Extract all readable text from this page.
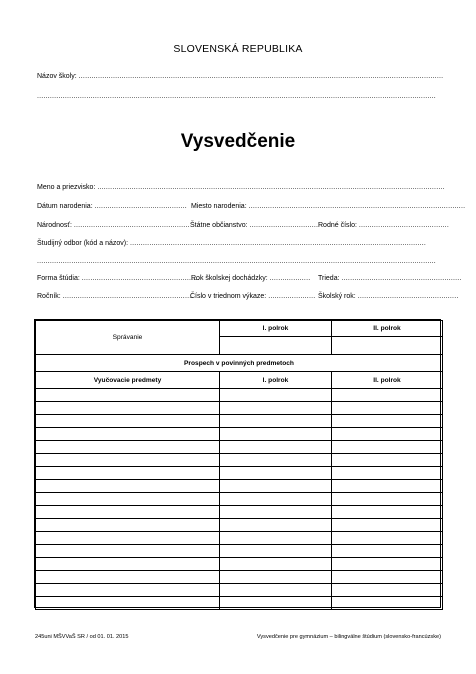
SLOVENSKÁ REPUBLIKA
Názov školy: ..........................................................................................................................................................................
..........................................................................................................................................................................................
Vysvedčenie
Meno a priezvisko: ..................................................................................................................................................................
Dátum narodenia: ........................................... Miesto narodenia: .....................................................................................................
Národnosť: ...................................................... Štátne občianstvo: ................................ Rodné číslo: ..........................................
Študijný odbor (kód a názov): ..........................................................................................................................................
..........................................................................................................................................................................................
Forma štúdia: .......................................................
Rok školskej dochádzky: ................... Trieda: ........................................................
Ročník: .............................................................
Číslo v triednom výkaze: ...................... Školský rok: ...............................................
Správanie	I. polrok	II. polrok

Prospech v povinných predmetoch		
Vyučovacie predmety	I. polrok	II. polrok

245uni MŠVVaŠ SR / od 01. 01. 2015	Vysvedčenie pre gymnázium – bilingválne štúdium (slovensko-francúzske)
